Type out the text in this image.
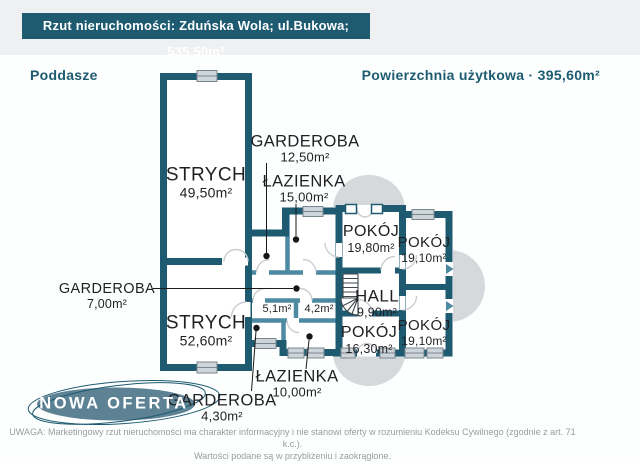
Rzut nieruchomości: Zduńska Wola; ul.Bukowa; 535,50m²
Poddasze	Powierzchnia użytkowa · 395,60m²
STRYCH
49,50m²
STRYCH
52,60m²
GARDEROBA
12,50m²
ŁAZIENKA
15,00m²
POKÓJ
19,80m² POKÓJ
19,10m²
GARDEROBA
7,00m²	5,1m² 4,2m²
HALL
9,90m²
POKÓJ
16,30m²
POKÓJ
19,10m²
ŁAZIENKA
10,00m²
GARDEROBA
4,30m²
NOWA OFERTA
UWAGA: Marketingowy rzut nieruchomości ma charakter informacyjny i nie stanowi oferty w rozumieniu Kodeksu Cywilnego (zgodnie z art. 71 k.c.).
Wartości podane są w przybliżeniu i zaokrąglone.
